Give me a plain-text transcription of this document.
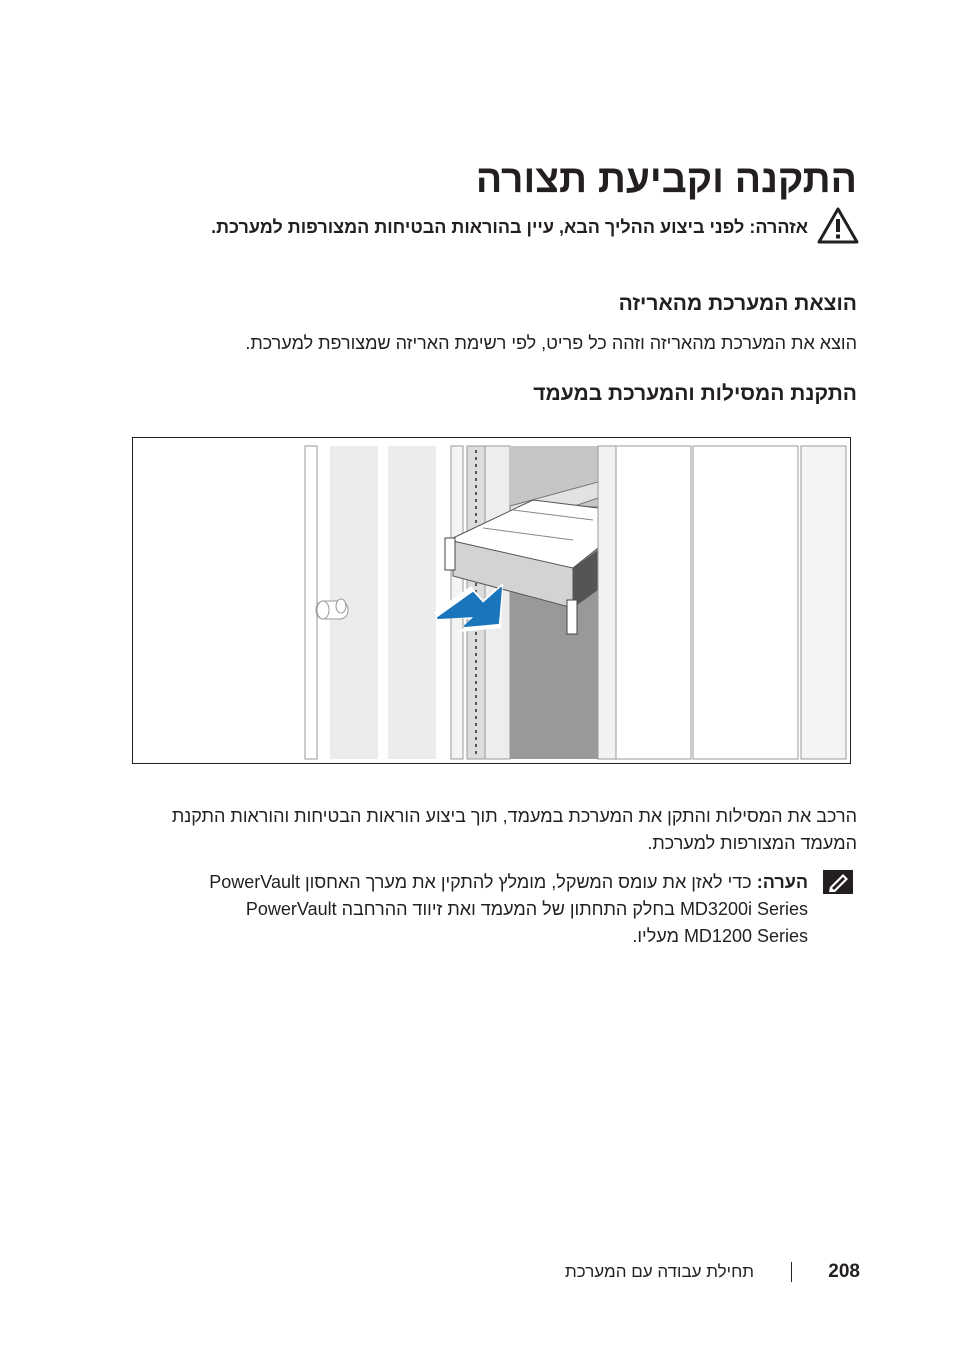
התקנה וקביעת תצורה
אזהרה: לפני ביצוע ההליך הבא, עיין בהוראות הבטיחות המצורפות למערכת.
הוצאת המערכת מהאריזה
הוצא את המערכת מהאריזה וזהה כל פריט, לפי רשימת האריזה שמצורפת למערכת.
התקנת המסילות והמערכת במעמד
הרכב את המסילות והתקן את המערכת במעמד, תוך ביצוע הוראות הבטיחות והוראות התקנת המעמד המצורפות למערכת.
הערה: כדי לאזן את עומס המשקל, מומלץ להתקין את מערך האחסון PowerVault MD3200i Series בחלק התחתון של המעמד ואת זיווד ההרחבה PowerVault MD1200 Series מעליו.
208
תחילת עבודה עם המערכת
